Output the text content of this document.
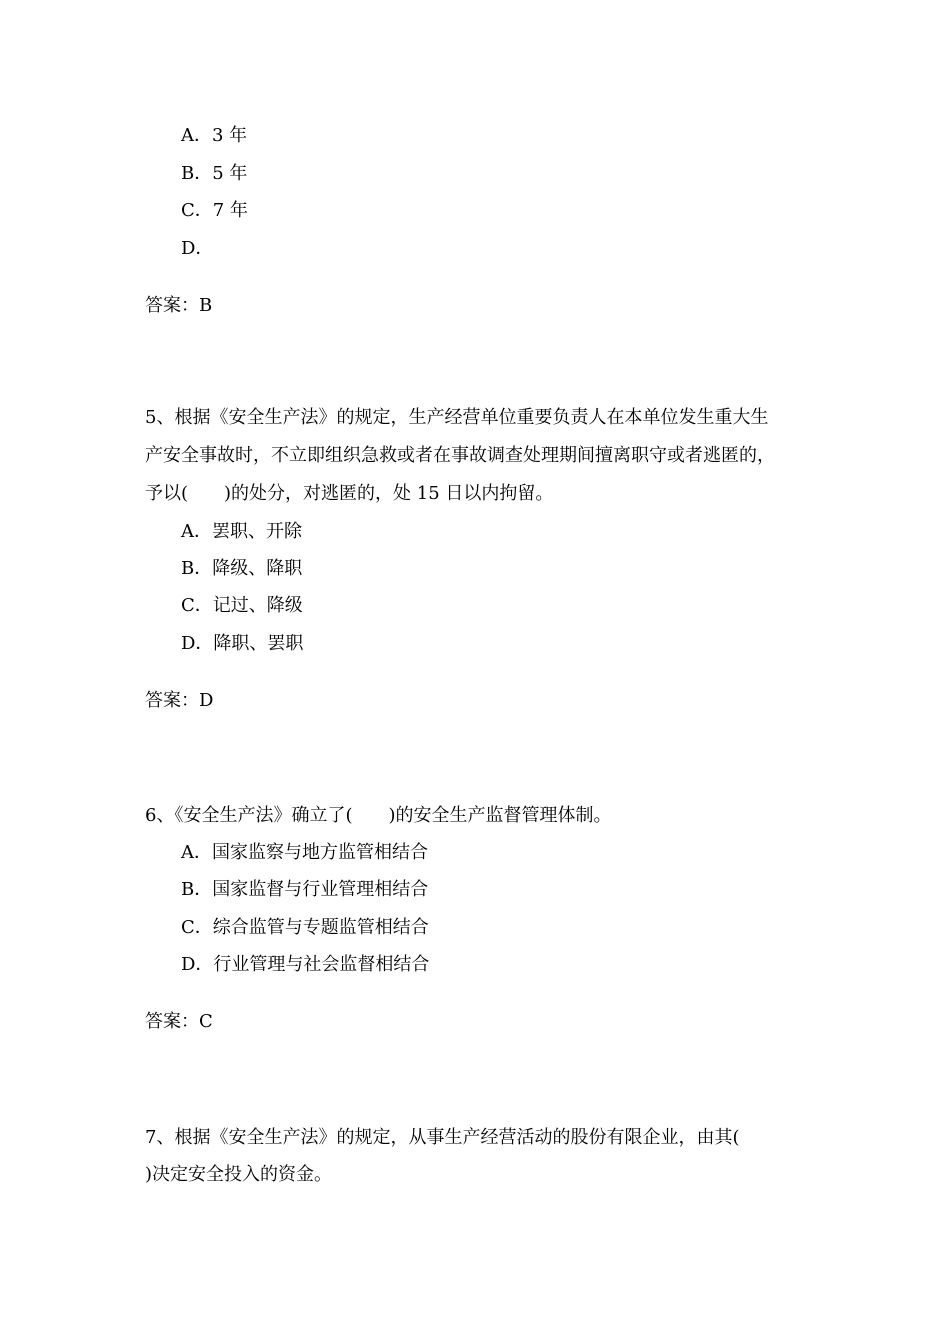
A．3 年
B．5 年
C．7 年
D．
答案：B
5、根据《安全生产法》的规定，生产经营单位重要负责人在本单位发生重大生
产安全事故时，不立即组织急救或者在事故调查处理期间擅离职守或者逃匿的，
予以(　　)的处分，对逃匿的，处 15 日以内拘留。
A．罢职、开除
B．降级、降职
C．记过、降级
D．降职、罢职
答案：D
6、《安全生产法》确立了(　　)的安全生产监督管理体制。
A．国家监察与地方监管相结合
B．国家监督与行业管理相结合
C．综合监管与专题监管相结合
D．行业管理与社会监督相结合
答案：C
7、根据《安全生产法》的规定，从事生产经营活动的股份有限企业，由其(
)决定安全投入的资金。
